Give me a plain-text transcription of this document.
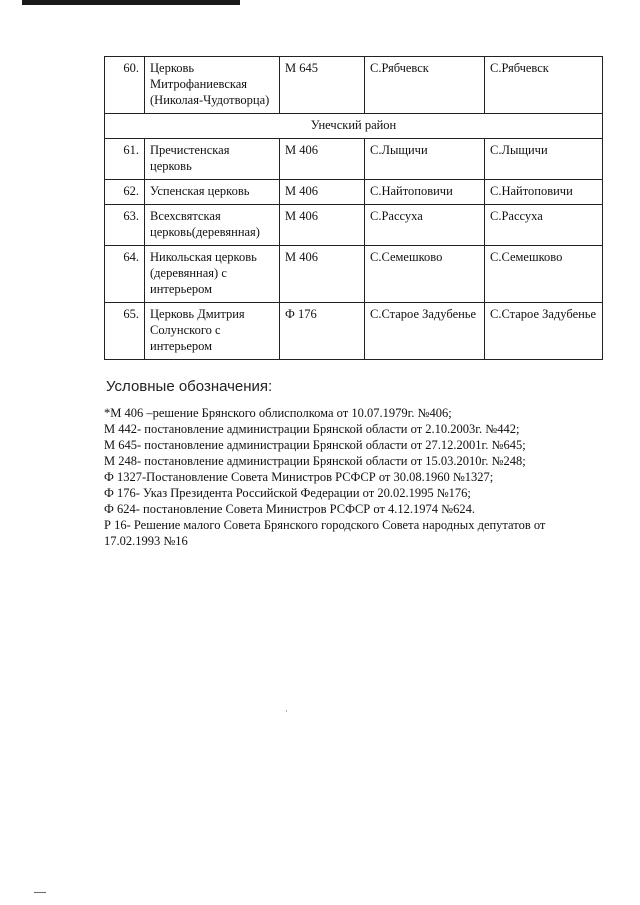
60.	Церковь Митрофаниевская (Николая-Чудотворца)	М 645	С.Рябчевск	С.Рябчевск
Унечский район				
61.	Пречистенская церковь	М 406	С.Лыщичи	С.Лыщичи
62.	Успенская церковь	М 406	С.Найтоповичи	С.Найтоповичи
63.	Всехсвятская церковь(деревянная)	М 406	С.Рассуха	С.Рассуха
64.	Никольская церковь (деревянная) с интерьером	М 406	С.Семешково	С.Семешково
65.	Церковь Дмитрия Солунского с интерьером	Ф 176	С.Старое Задубенье	С.Старое Задубенье
Условные обозначения:
*М 406 –решение Брянского облисполкома от 10.07.1979г. №406;
М 442- постановление администрации Брянской области от 2.10.2003г. №442;
М 645- постановление администрации Брянской области от 27.12.2001г. №645;
М 248- постановление администрации Брянской области от 15.03.2010г. №248;
Ф 1327-Постановление Совета Министров РСФСР от 30.08.1960 №1327;
Ф 176- Указ Президента Российской Федерации от 20.02.1995 №176;
Ф 624- постановление Совета Министров РСФСР от 4.12.1974 №624.
Р 16- Решение малого Совета Брянского городского Совета народных депутатов от 17.02.1993 №16
